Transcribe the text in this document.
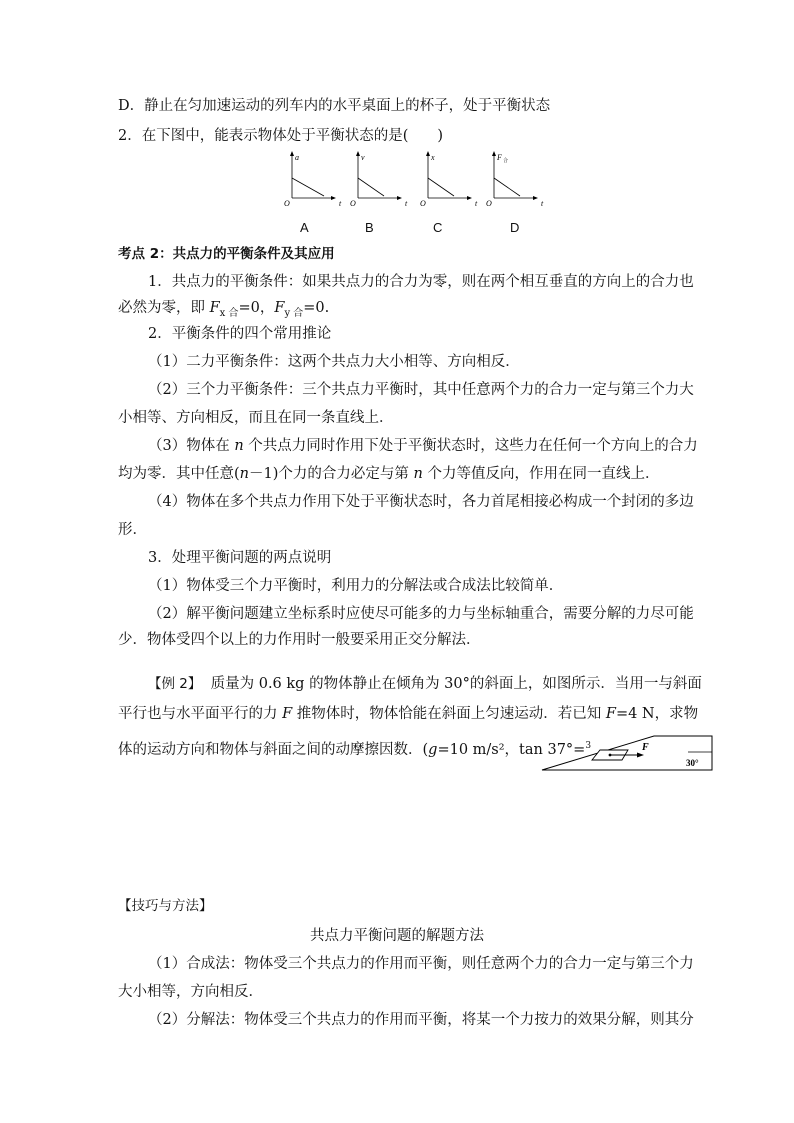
D．静止在匀加速运动的列车内的水平桌面上的杯子，处于平衡状态
2．在下图中，能表示物体处于平衡状态的是(　　)
a
O	t
v
O	t
x
O	t
F 合
O	t
A	B	C	D
考点 2：共点力的平衡条件及其应用
1．共点力的平衡条件：如果共点力的合力为零，则在两个相互垂直的方向上的合力也
必然为零，即 $F_{x 合}=0$，$F_{y 合}=0$.
2．平衡条件的四个常用推论
（1）二力平衡条件：这两个共点力大小相等、方向相反．
（2）三个力平衡条件：三个共点力平衡时，其中任意两个力的合力一定与第三个力大
小相等、方向相反，而且在同一条直线上．
（3）物体在 n 个共点力同时作用下处于平衡状态时，这些力在任何一个方向上的合力
均为零．其中任意(n－1)个力的合力必定与第 n 个力等值反向，作用在同一直线上．
（4）物体在多个共点力作用下处于平衡状态时，各力首尾相接必构成一个封闭的多边
形．
3．处理平衡问题的两点说明
（1）物体受三个力平衡时，利用力的分解法或合成法比较简单．
（2）解平衡问题建立坐标系时应使尽可能多的力与坐标轴重合，需要分解的力尽可能
少．物体受四个以上的力作用时一般要采用正交分解法．
【例 2】 质量为 0.6 kg 的物体静止在倾角为 30°的斜面上，如图所示．当用一与斜面
平行也与水平面平行的力 F 推物体时，物体恰能在斜面上匀速运动．若已知 F=4 N，求物
体的运动方向和物体与斜面之间的动摩擦因数．(g=10 m/s²，tan 37°=$^3$	F
30°
【技巧与方法】
共点力平衡问题的解题方法
（1）合成法：物体受三个共点力的作用而平衡，则任意两个力的合力一定与第三个力
大小相等，方向相反．
（2）分解法：物体受三个共点力的作用而平衡，将某一个力按力的效果分解，则其分
